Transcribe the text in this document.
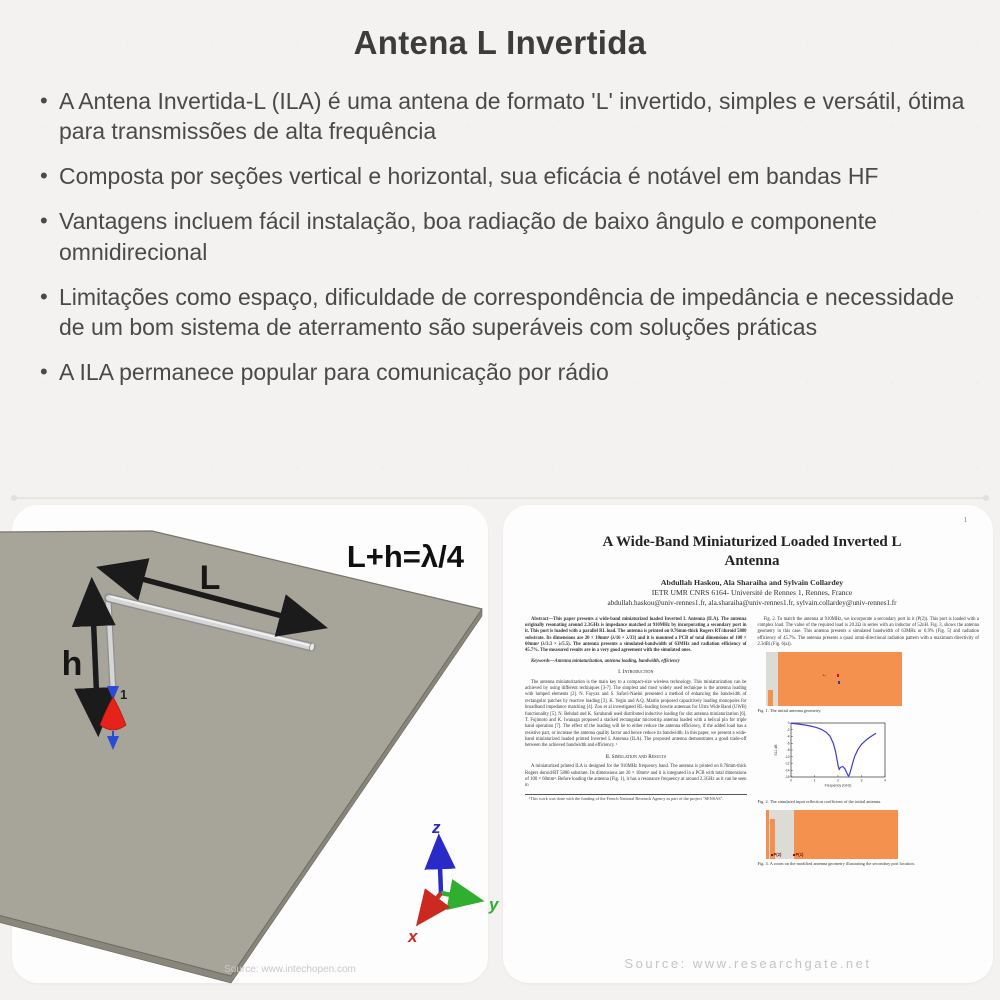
Antena L Invertida
• A Antena Invertida-L (ILA) é uma antena de formato 'L' invertido, simples e versátil, ótima para transmissões de alta frequência
• Composta por seções vertical e horizontal, sua eficácia é notável em bandas HF
• Vantagens incluem fácil instalação, boa radiação de baixo ângulo e componente omnidirecional
• Limitações como espaço, dificuldade de correspondência de impedância e necessidade de um bom sistema de aterramento são superáveis com soluções práticas
• A ILA permanece popular para comunicação por rádio
L
h
1
L+h=λ/4
z
y
x
Source: www.intechopen.com
1
A Wide-Band Miniaturized Loaded Inverted L Antenna
Abdullah Haskou, Ala Sharaiha and Sylvain Collardey
IETR UMR CNRS 6164- Université de Rennes 1, Rennes, France
abdullah.haskou@univ-rennes1.fr, ala.sharaiha@univ-rennes1.fr, sylvain.collardey@univ-rennes1.fr

Abstract—This paper presents a wide-band miniaturized loaded Inverted L Antenna (ILA). The antenna originally resonating around 2.3GHz is impedance matched at 910MHz by incorporating a secondary port in it. This port is loaded with a parallel RL load. The antenna is printed on 0.76mm-thick Rogers RT/duroid 5880 substrate. Its dimensions are 20 × 10mm² (λ/16 × λ/33) and it is mounted a PCB of total dimensions of 100 × 60mm² (λ/3.3 × λ/5.5). The antenna presents a simulated-bandwidth of 63MHz and radiation efficiency of 45.7%. The measured results are in a very good agreement with the simulated ones.

Keywords—Antenna miniaturization, antenna loading, bandwidth, efficiency

I. Introduction

The antenna miniaturization is the main key to a compact-size wireless technology. This miniaturization can be achieved by using different techniques [3-7]. The simplest and most widely used technique is the antenna loading with lumped elements [2]. N. Fayyaz and S. Safavi-Naeini presented a method of enhancing the bandwidth of rectangular patches by reactive loading [3]. K. Yegin and A.Q. Martin proposed capacitively loading monopoles for broadband impedance matching [4]. Zou et al investigated RL-loading bowtie antennas for Ultra Wide Band (UWB) functionality [5]. N. Behdad and K. Sarabandi used distributed inductive loading for slot antenna miniaturization [6]. T. Fujimoto and K. Iwanaga proposed a stacked rectangular microstrip antenna loaded with a helical pin for triple band operation [7]. The effect of the loading will be to either reduce the antenna efficiency, if the added load has a resistive part, or increase the antenna quality factor and hence reduce its bandwidth. In this paper, we present a wide-band miniaturized loaded printed Inverted L Antenna (ILA). The proposed antenna demonstrates a good trade-off between the achieved bandwidth and efficiency. ¹

II. Simulation and Results

A miniaturized printed ILA is designed for the 910MHz frequency band. The antenna is printed on 0.76mm-thick Rogers duroid/RT 5880 substrate. Its dimensions are 20 × 10mm² and it is integrated in a PCB with total dimensions of 100 × 60mm². Before loading the antenna (Fig. 1), it has a resonance frequency at around 2.3GHz as it can be seen in

¹This work was done with the funding of the French National Research Agency as part of the project "SENSAS".

Fig. 2. To match the antenna at 910MHz, we incorporate a secondary port in it (P(2)). This port is loaded with a complex load. The value of the required load is 20.2Ω in series with an inductor of 52nH. Fig. 3, shows the antenna geometry in this case. This antenna presents a simulated bandwidth of 63MHz or 6.9% (Fig. 5) and radiation efficiency of 45.7%. The antenna presents a quasi omni-directional radiation pattern with a maximum directivity of 2.3dBi (Fig. 6(a)).

←
Fig. 1. The initial antenna geometry.
0
-2
-4
-6
-8
-10
-12
-14
-16
0	1	2	3	4
Frequency (GHz)
S11 dB
Fig. 2. The simulated input reflection coefficient of the initial antenna.
P(2)	P(1)
Fig. 3. A zoom on the modified antenna geometry illustrating the secondary port location.
Source: www.researchgate.net
